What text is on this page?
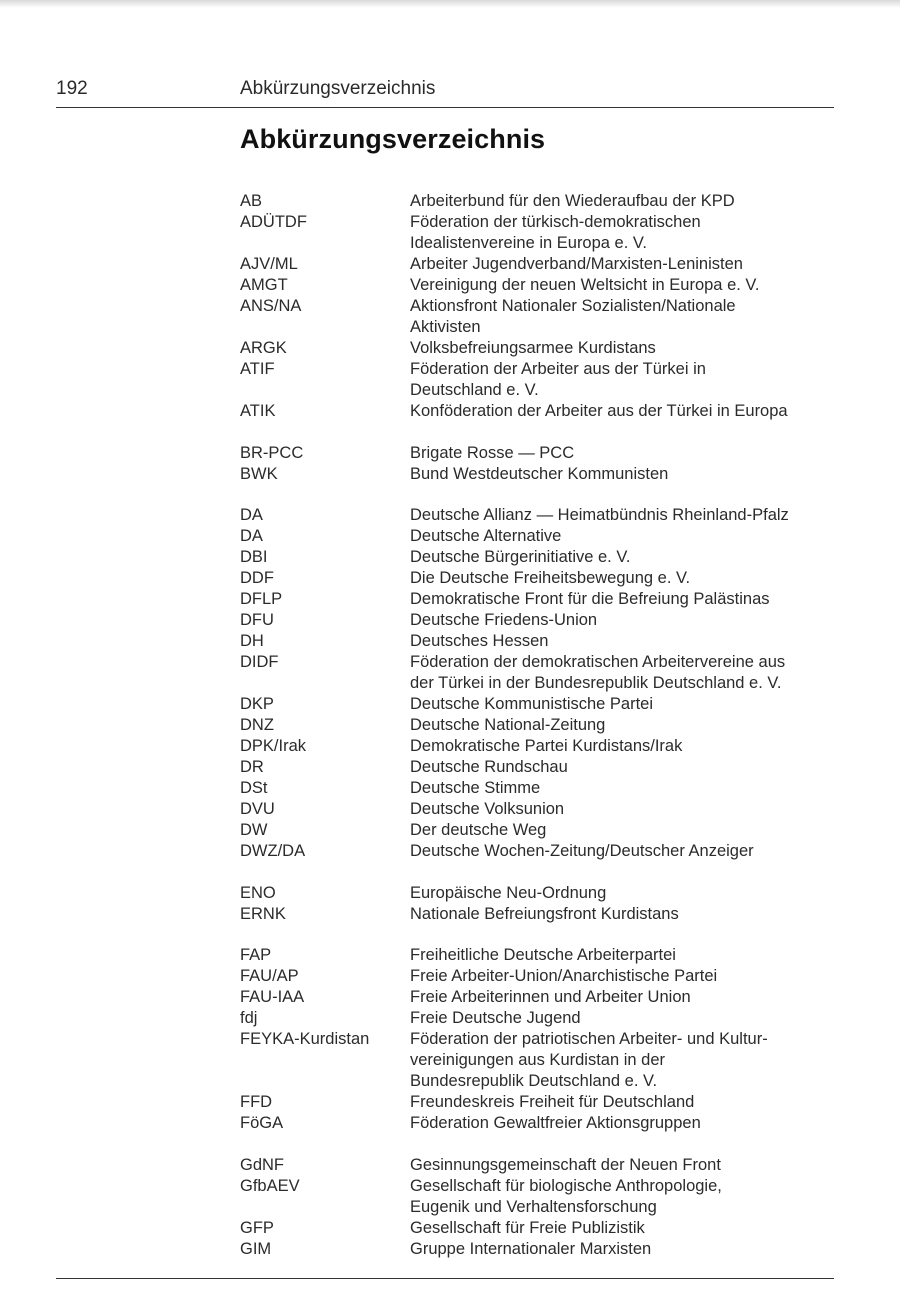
192	Abkürzungsverzeichnis
Abkürzungsverzeichnis
AB	Arbeiterbund für den Wiederaufbau der KPD
ADÜTDF	Föderation der türkisch-demokratischen
Idealistenvereine in Europa e. V.
AJV/ML	Arbeiter Jugendverband/Marxisten-Leninisten
AMGT	Vereinigung der neuen Weltsicht in Europa e. V.
ANS/NA	Aktionsfront Nationaler Sozialisten/Nationale
Aktivisten
ARGK	Volksbefreiungsarmee Kurdistans
ATIF	Föderation der Arbeiter aus der Türkei in
Deutschland e. V.
ATIK	Konföderation der Arbeiter aus der Türkei in Europa
BR-PCC	Brigate Rosse — PCC
BWK	Bund Westdeutscher Kommunisten
DA	Deutsche Allianz — Heimatbündnis Rheinland-Pfalz
DA	Deutsche Alternative
DBI	Deutsche Bürgerinitiative e. V.
DDF	Die Deutsche Freiheitsbewegung e. V.
DFLP	Demokratische Front für die Befreiung Palästinas
DFU	Deutsche Friedens-Union
DH	Deutsches Hessen
DIDF	Föderation der demokratischen Arbeitervereine aus
der Türkei in der Bundesrepublik Deutschland e. V.
DKP	Deutsche Kommunistische Partei
DNZ	Deutsche National-Zeitung
DPK/Irak	Demokratische Partei Kurdistans/Irak
DR	Deutsche Rundschau
DSt	Deutsche Stimme
DVU	Deutsche Volksunion
DW	Der deutsche Weg
DWZ/DA	Deutsche Wochen-Zeitung/Deutscher Anzeiger
ENO	Europäische Neu-Ordnung
ERNK	Nationale Befreiungsfront Kurdistans
FAP	Freiheitliche Deutsche Arbeiterpartei
FAU/AP	Freie Arbeiter-Union/Anarchistische Partei
FAU-IAA	Freie Arbeiterinnen und Arbeiter Union
fdj	Freie Deutsche Jugend
FEYKA-Kurdistan	Föderation der patriotischen Arbeiter- und Kultur-
vereinigungen aus Kurdistan in der
Bundesrepublik Deutschland e. V.
FFD	Freundeskreis Freiheit für Deutschland
FöGA	Föderation Gewaltfreier Aktionsgruppen
GdNF	Gesinnungsgemeinschaft der Neuen Front
GfbAEV	Gesellschaft für biologische Anthropologie,
Eugenik und Verhaltensforschung
GFP	Gesellschaft für Freie Publizistik
GIM	Gruppe Internationaler Marxisten
